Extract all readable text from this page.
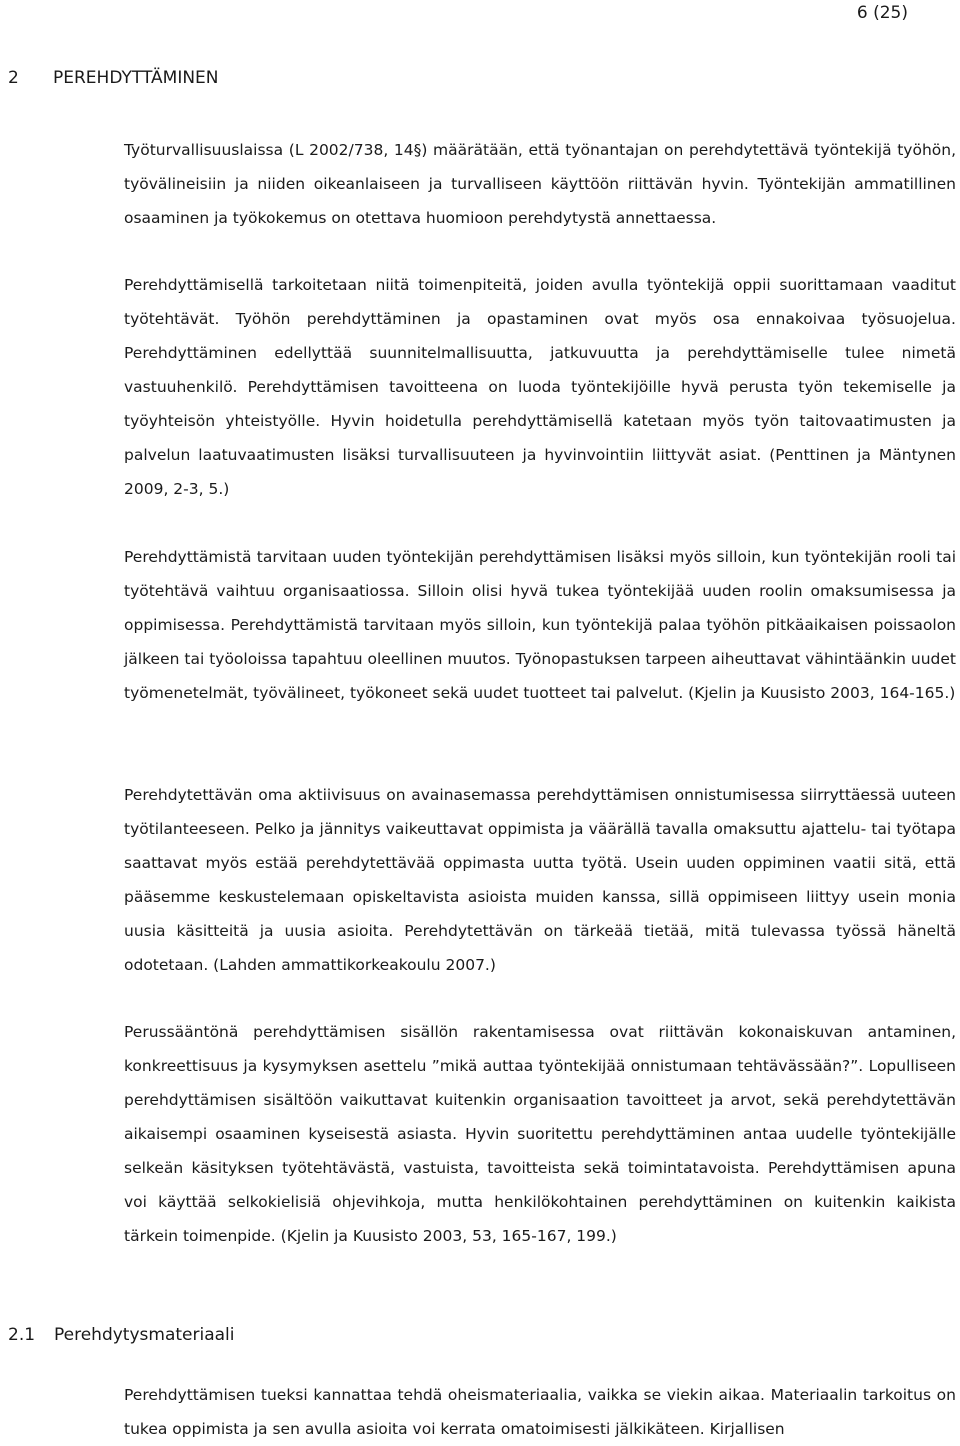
6 (25)
2 PEREHDYTTÄMINEN
Työturvallisuuslaissa (L 2002/738, 14§) määrätään, että työnantajan on perehdytettävä työntekijä työhön, työvälineisiin ja niiden oikeanlaiseen ja turvalliseen käyttöön riittävän hyvin. Työntekijän ammatillinen osaaminen ja työkokemus on otettava huomioon perehdytystä annettaessa.
Perehdyttämisellä tarkoitetaan niitä toimenpiteitä, joiden avulla työntekijä oppii suorittamaan vaaditut työtehtävät. Työhön perehdyttäminen ja opastaminen ovat myös osa ennakoivaa työsuojelua. Perehdyttäminen edellyttää suunnitelmallisuutta, jatkuvuutta ja perehdyttämiselle tulee nimetä vastuuhenkilö. Perehdyttämisen tavoitteena on luoda työntekijöille hyvä perusta työn tekemiselle ja työyhteisön yhteistyölle. Hyvin hoidetulla perehdyttämisellä katetaan myös työn taitovaatimusten ja palvelun laatuvaatimusten lisäksi turvallisuuteen ja hyvinvointiin liittyvät asiat. (Penttinen ja Mäntynen 2009, 2-3, 5.)
Perehdyttämistä tarvitaan uuden työntekijän perehdyttämisen lisäksi myös silloin, kun työntekijän rooli tai työtehtävä vaihtuu organisaatiossa. Silloin olisi hyvä tukea työntekijää uuden roolin omaksumisessa ja oppimisessa. Perehdyttämistä tarvitaan myös silloin, kun työntekijä palaa työhön pitkäaikaisen poissaolon jälkeen tai työoloissa tapahtuu oleellinen muutos. Työnopastuksen tarpeen aiheuttavat vähintäänkin uudet työmenetelmät, työvälineet, työkoneet sekä uudet tuotteet tai palvelut. (Kjelin ja Kuusisto 2003, 164-165.)
Perehdytettävän oma aktiivisuus on avainasemassa perehdyttämisen onnistumisessa siirryttäessä uuteen työtilanteeseen. Pelko ja jännitys vaikeuttavat oppimista ja väärällä tavalla omaksuttu ajattelu- tai työtapa saattavat myös estää perehdytettävää oppimasta uutta työtä. Usein uuden oppiminen vaatii sitä, että pääsemme keskustelemaan opiskeltavista asioista muiden kanssa, sillä oppimiseen liittyy usein monia uusia käsitteitä ja uusia asioita. Perehdytettävän on tärkeää tietää, mitä tulevassa työssä häneltä odotetaan. (Lahden ammattikorkeakoulu 2007.)
Perussääntönä perehdyttämisen sisällön rakentamisessa ovat riittävän kokonaiskuvan antaminen, konkreettisuus ja kysymyksen asettelu ”mikä auttaa työntekijää onnistumaan tehtävässään?”. Lopulliseen perehdyttämisen sisältöön vaikuttavat kuitenkin organisaation tavoitteet ja arvot, sekä perehdytettävän aikaisempi osaaminen kyseisestä asiasta. Hyvin suoritettu perehdyttäminen antaa uudelle työntekijälle selkeän käsityksen työtehtävästä, vastuista, tavoitteista sekä toimintatavoista. Perehdyttämisen apuna voi käyttää selkokielisiä ohjevihkoja, mutta henkilökohtainen perehdyttäminen on kuitenkin kaikista tärkein toimenpide. (Kjelin ja Kuusisto 2003, 53, 165-167, 199.)
2.1 Perehdytysmateriaali
Perehdyttämisen tueksi kannattaa tehdä oheismateriaalia, vaikka se viekin aikaa. Materiaalin tarkoitus on tukea oppimista ja sen avulla asioita voi kerrata omatoimisesti jälkikäteen. Kirjallisen
